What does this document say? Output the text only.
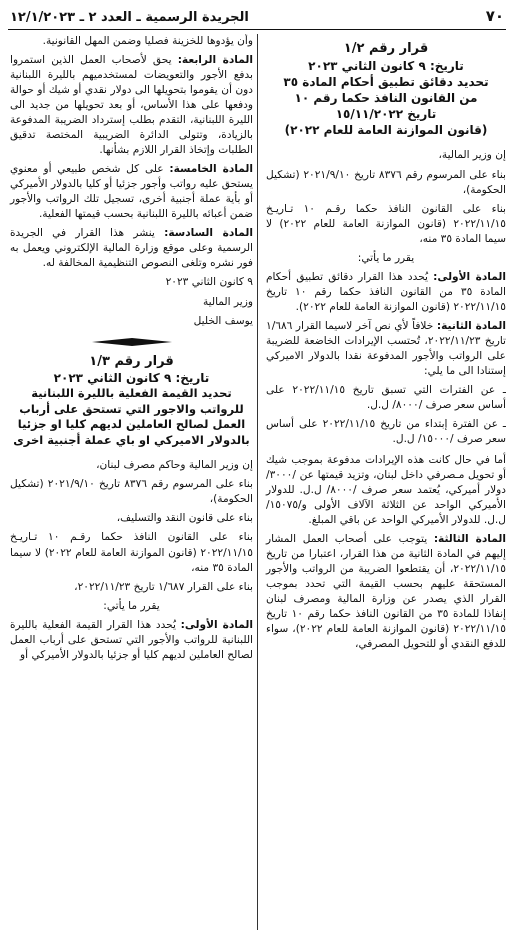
٧٠
الجريدة الرسمية ـ العدد ٢ ـ ١٢/١/٢٠٢٣
قرار رقم ١/٢
تاريخ: ٩ كانون الثاني ٢٠٢٣
تحديد دقائق تطبيق أحكام المادة ٣٥
من القانون النافذ حكما رقم ١٠
تاريخ ١٥/١١/٢٠٢٢
(قانون الموازنة العامة للعام ٢٠٢٢)

إن وزير المالية،

بناء على المرسوم رقم ٨٣٧٦ تاريخ ٢٠٢١/٩/١٠ (تشكيل الحكومة)،

بناء على القانون النافذ حكما رقـم ١٠ تـاريـخ ٢٠٢٢/١١/١٥ (قانون الموازنة العامة للعام ٢٠٢٢) لا سيما المادة ٣٥ منه،

يقرر ما يأتي:

المادة الأولى: يُحدد هذا القرار دقائق تطبيق أحكام المادة ٣٥ من القانون النافذ حكما رقم ١٠ تاريخ ٢٠٢٢/١١/١٥ (قانون الموازنة العامة للعام ٢٠٢٢).

المادة الثانية: خلافاً لأي نص آخر لاسيما القرار ١/٦٨٦ تاريخ ٢٠٢٢/١١/٢٣، تُحتسب الإيرادات الخاضعة للضريبة على الرواتب والأجور المدفوعة نقدا بالدولار الاميركي إستنادا الى ما يلي:

ـ عن الفترات التي تسبق تاريخ ٢٠٢٢/١١/١٥ على أساس سعر صرف /٨٠٠٠/ ل.ل.

ـ عن الفترة إبتداء من تاريخ ٢٠٢٢/١١/١٥ على أساس سعر صرف /١٥٠٠٠/ ل.ل.

أما في حال كانت هذه الإيرادات مدفوعة بموجب شيك أو تحويل مـصرفي داخل لبنان، وتزيد قيمتها عن /٣٠٠٠/ دولار أميركي، يُعتمد سعر صرف /٨٠٠٠/ ل.ل. للدولار الأميركي الواحد عن الثلاثة الآلاف الأولى و/١٥٠٧٥/ ل.ل. للدولار الأميركي الواحد عن باقي المبلغ.

المادة الثالثة: يتوجب على أصحاب العمل المشار إليهم في المادة الثانية من هذا القرار، اعتبارا من تاريخ ٢٠٢٢/١١/١٥، أن يقتطعوا الضريبة من الرواتب والأجور المستحقة عليهم بحسب القيمة التي تحدد بموجب القرار الذي يصدر عن وزارة المالية ومصرف لبنان إنفاذا للمادة ٣٥ من القانون النافذ حكما رقم ١٠ تاريخ ٢٠٢٢/١١/١٥ (قانون الموازنة العامة للعام ٢٠٢٢)، سواء للدفع النقدي أو للتحويل المصرفي،

وأن يؤدوها للخزينة فصليا وضمن المهل القانونية.

المادة الرابعة: يحق لأصحاب العمل الذين استمروا بدفع الأجور والتعويضات لمستخدميهم بالليرة اللبنانية دون أن يقوموا بتحويلها الى دولار نقدي أو شيك أو حوالة ودفعها على هذا الأساس، أو بعد تحويلها من جديد الى الليرة اللبنانية، التقدم بطلب إسترداد الضريبة المدفوعة بالزيادة، وتتولى الدائرة الضريبية المختصة تدقيق الطلبات وإتخاذ القرار اللازم بشأنها.

المادة الخامسة: على كل شخص طبيعي أو معنوي يستحق عليه رواتب وأجور جزئيا أو كليا بالدولار الأميركي أو بأية عملة أجنبية أخرى، تسجيل تلك الرواتب والأجور ضمن أعبائه بالليرة اللبنانية بحسب قيمتها الفعلية.

المادة السادسة: ينشر هذا القرار في الجريدة الرسمية وعلى موقع وزارة المالية الإلكتروني ويعمل به فور نشره وتلغى النصوص التنظيمية المخالفة له.

٩ كانون الثاني ٢٠٢٣

وزير المالية

يوسف الخليل

قرار رقم ١/٣
تاريخ: ٩ كانون الثاني ٢٠٢٣
تحديد القيمة الفعلية بالليرة اللبنانية للرواتب والاجور التي تستحق على أرباب العمل لصالح العاملين لديهم كليا او جزئيا بالدولار الاميركي او باي عملة أجنبية اخرى

إن وزير المالية وحاكم مصرف لبنان،

بناء على المرسوم رقم ٨٣٧٦ تاريخ ٢٠٢١/٩/١٠ (تشكيل الحكومة)،

بناء على قانون النقد والتسليف،

بناء على القانون النافذ حكما رقـم ١٠ تـاريـخ ٢٠٢٢/١١/١٥ (قانون الموازنة العامة للعام ٢٠٢٢) لا سيما المادة ٣٥ منه،

بناء على القرار ١/٦٨٧ تاريخ ٢٠٢٢/١١/٢٣،

يقرر ما يأتي:

المادة الأولى: يُحدد هذا القرار القيمة الفعلية بالليرة اللبنانية للرواتب والأجور التي تستحق على أرباب العمل لصالح العاملين لديهم كليا أو جزئيا بالدولار الأميركي أو
